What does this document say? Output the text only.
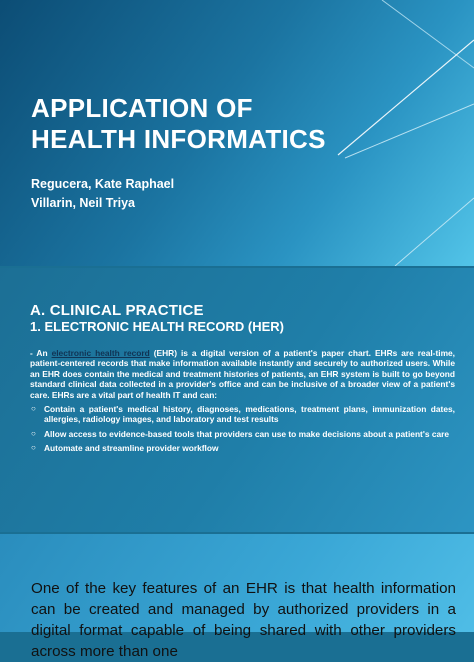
APPLICATION OF
HEALTH INFORMATICS
Regucera, Kate Raphael
Villarin, Neil Triya
A. CLINICAL PRACTICE
1. ELECTRONIC HEALTH RECORD (HER)

- An electronic health record (EHR) is a digital version of a patient's paper chart. EHRs are real-time, patient-centered records that make information available instantly and securely to authorized users. While an EHR does contain the medical and treatment histories of patients, an EHR system is built to go beyond standard clinical data collected in a provider's office and can be inclusive of a broader view of a patient's care. EHRs are a vital part of health IT and can:

○ Contain a patient's medical history, diagnoses, medications, treatment plans, immunization dates, allergies, radiology images, and laboratory and test results
○ Allow access to evidence-based tools that providers can use to make decisions about a patient's care
○ Automate and streamline provider workflow

One of the key features of an EHR is that health information can be created and managed by authorized providers in a digital format capable of being shared with other providers across more than one
